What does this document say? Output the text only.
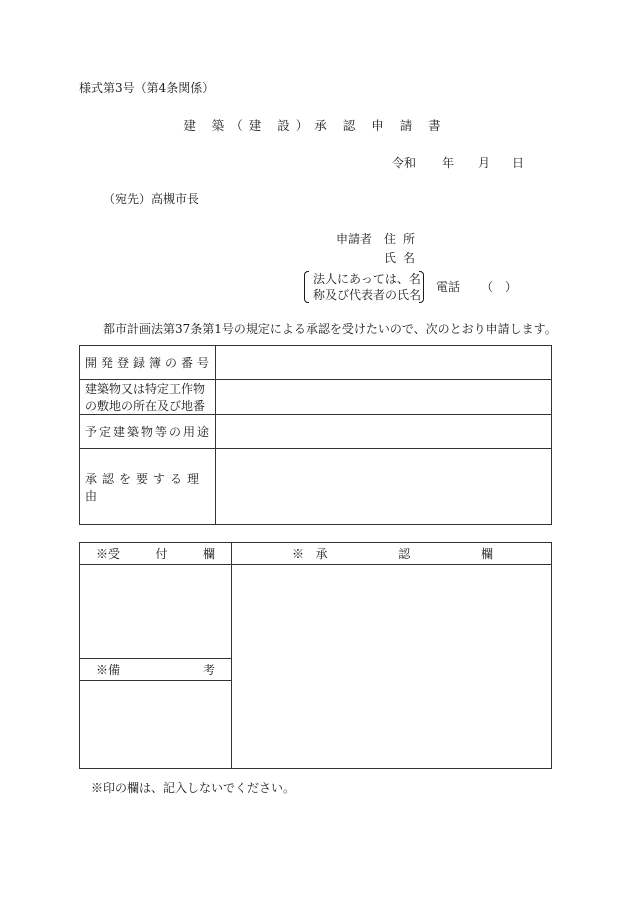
様式第3号（第4条関係）
建 築（建 設）承 認 申 請 書
令和 年 月 日
（宛先）高槻市長
申請者 住所
氏名
法人にあっては、名
称及び代表者の氏名
電話 （　）
都市計画法第37条第1号の規定による承認を受けたいので、次のとおり申請します。
開発登録簿の番号	

建築物又は特定工作物
の敷地の所在及び地番	

予定建築物等の用途	
承認を要する理由	
※受 付 欄	※ 承 認 欄

※備 考	

※印の欄は、記入しないでください。
